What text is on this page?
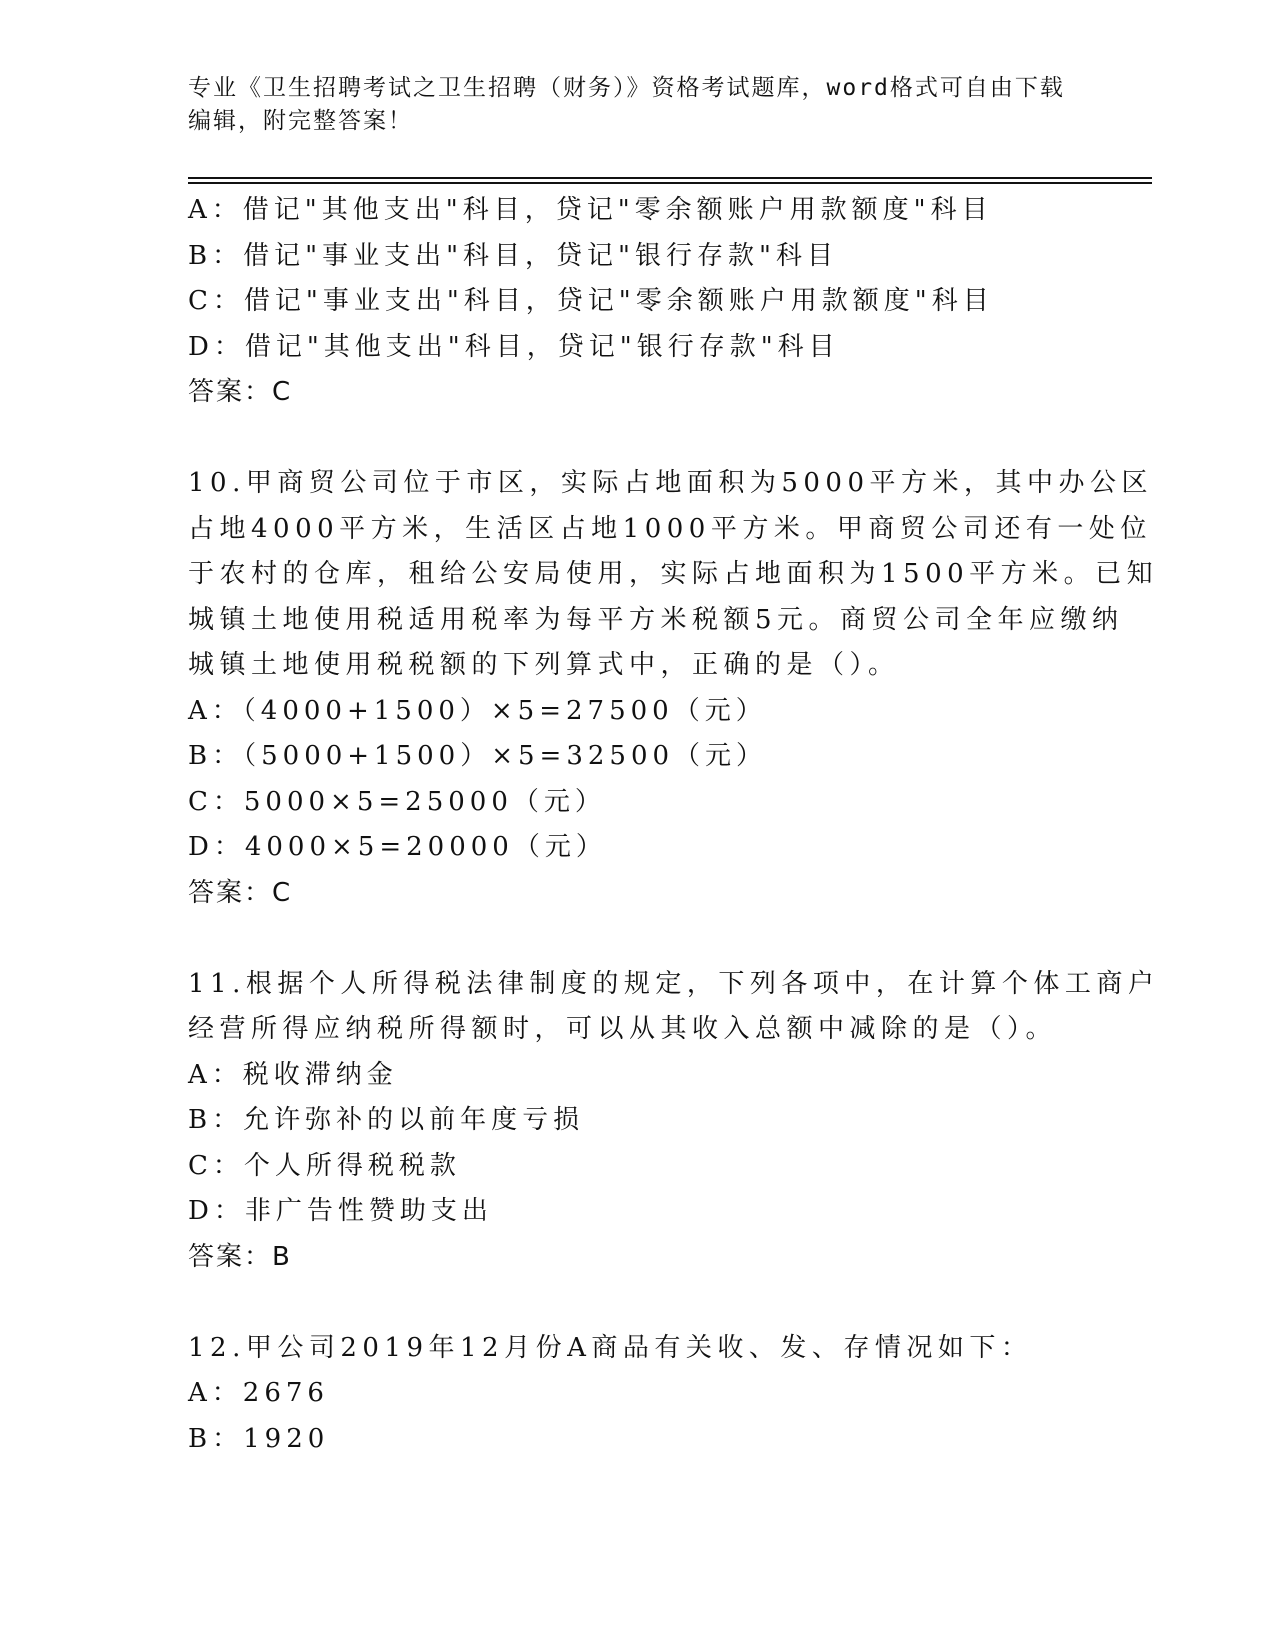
专业《卫生招聘考试之卫生招聘（财务）》资格考试题库，word格式可自由下载
编辑，附完整答案！
A：借记"其他支出"科目，贷记"零余额账户用款额度"科目
B：借记"事业支出"科目，贷记"银行存款"科目
C：借记"事业支出"科目，贷记"零余额账户用款额度"科目
D：借记"其他支出"科目，贷记"银行存款"科目
答案：C
10.甲商贸公司位于市区，实际占地面积为5000平方米，其中办公区
占地4000平方米，生活区占地1000平方米。甲商贸公司还有一处位
于农村的仓库，租给公安局使用，实际占地面积为1500平方米。已知
城镇土地使用税适用税率为每平方米税额5元。商贸公司全年应缴纳
城镇土地使用税税额的下列算式中，正确的是（）。
A：（4000+1500）×5=27500（元）
B：（5000+1500）×5=32500（元）
C：5000×5=25000（元）
D：4000×5=20000（元）
答案：C
11.根据个人所得税法律制度的规定，下列各项中，在计算个体工商户
经营所得应纳税所得额时，可以从其收入总额中减除的是（）。
A：税收滞纳金
B：允许弥补的以前年度亏损
C：个人所得税税款
D：非广告性赞助支出
答案：B
12.甲公司2019年12月份A商品有关收、发、存情况如下：
A：2676
B：1920
